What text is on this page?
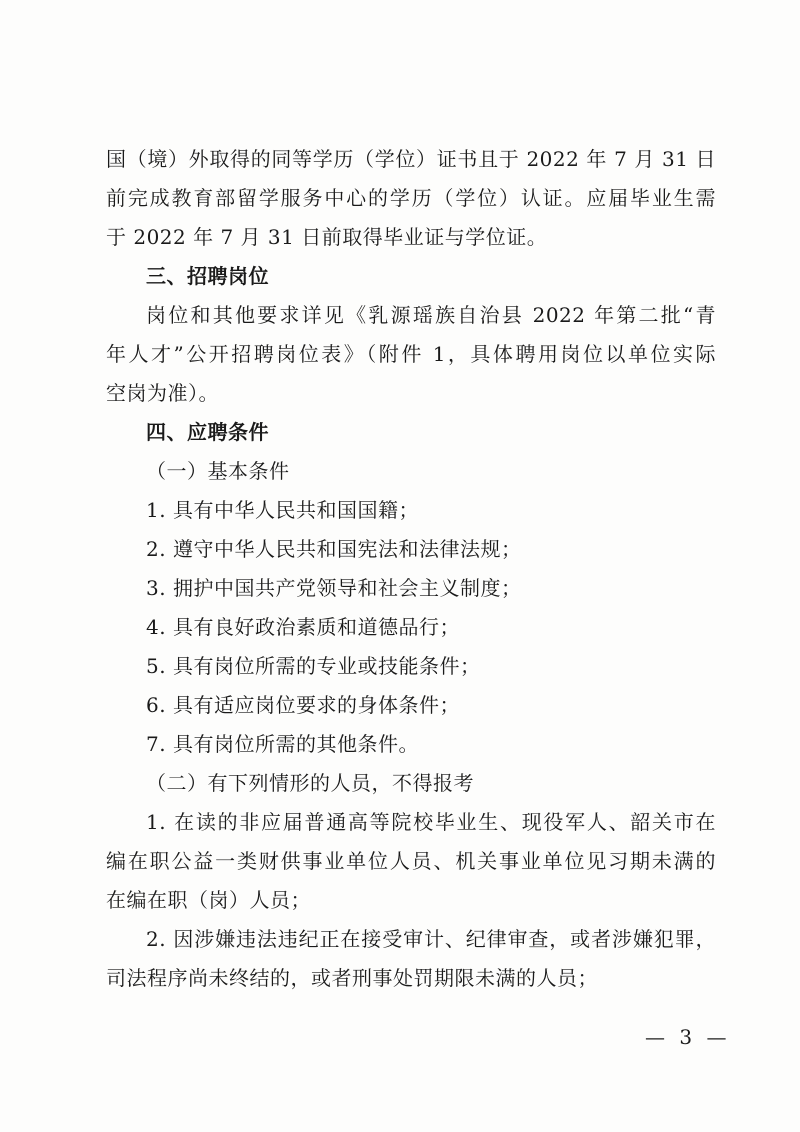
国（境）外取得的同等学历（学位）证书且于 2022 年 7 月 31 日
前完成教育部留学服务中心的学历（学位）认证。应届毕业生需
于 2022 年 7 月 31 日前取得毕业证与学位证。
三、招聘岗位
岗位和其他要求详见《乳源瑶族自治县 2022 年第二批“青
年人才”公开招聘岗位表》（附件 1，具体聘用岗位以单位实际
空岗为准）。
四、应聘条件
（一）基本条件
1. 具有中华人民共和国国籍；
2. 遵守中华人民共和国宪法和法律法规；
3. 拥护中国共产党领导和社会主义制度；
4. 具有良好政治素质和道德品行；
5. 具有岗位所需的专业或技能条件；
6. 具有适应岗位要求的身体条件；
7. 具有岗位所需的其他条件。
（二）有下列情形的人员，不得报考
1. 在读的非应届普通高等院校毕业生、现役军人、韶关市在
编在职公益一类财供事业单位人员、机关事业单位见习期未满的
在编在职（岗）人员；
2. 因涉嫌违法违纪正在接受审计、纪律审查，或者涉嫌犯罪，
司法程序尚未终结的，或者刑事处罚期限未满的人员；
— 3 —
